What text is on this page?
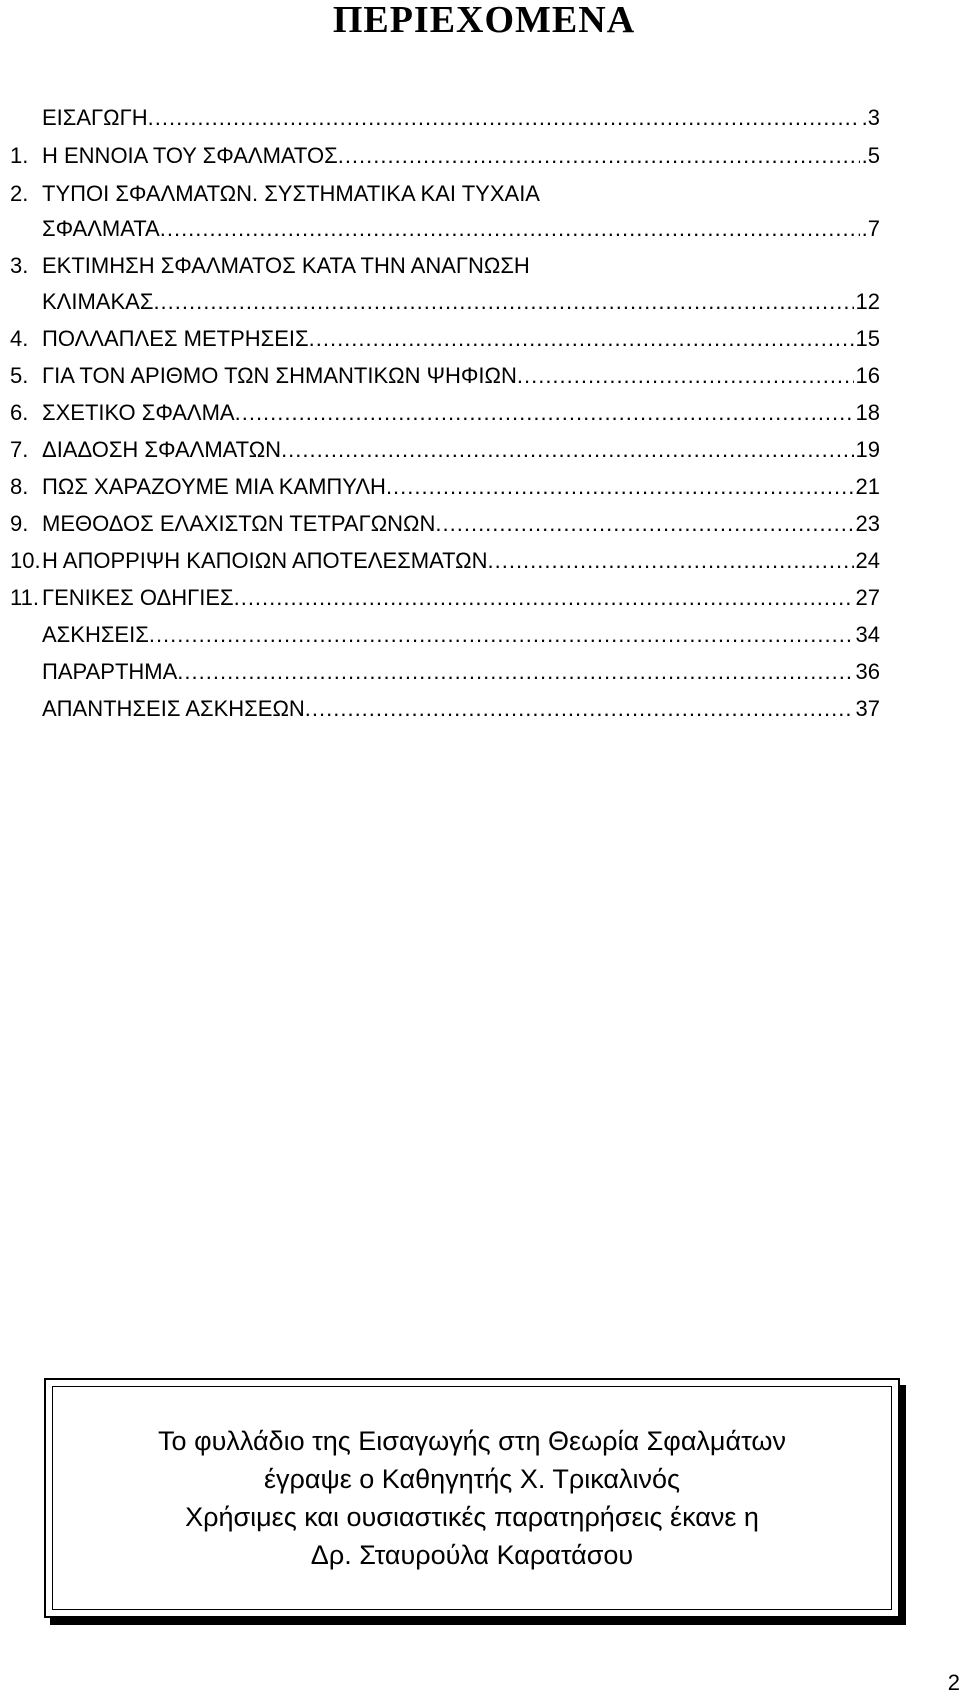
ΠΕΡΙΕΧΟΜΕΝΑ
ΕΙΣΑΓΩΓΗ .....	.3
1. Η ΕΝΝΟΙΑ ΤΟΥ ΣΦΑΛΜΑΤΟΣ .....	.5
2. ΤΥΠΟΙ ΣΦΑΛΜΑΤΩΝ. ΣΥΣΤΗΜΑΤΙΚΑ ΚΑΙ ΤΥΧΑΙΑ
ΣΦΑΛΜΑΤΑ .....	.7
3. ΕΚΤΙΜΗΣΗ ΣΦΑΛΜΑΤΟΣ ΚΑΤΑ ΤΗΝ ΑΝΑΓΝΩΣΗ
ΚΛΙΜΑΚΑΣ .....	12
4. ΠΟΛΛΑΠΛΕΣ ΜΕΤΡΗΣΕΙΣ .....	15
5. ΓΙΑ ΤΟΝ ΑΡΙΘΜΟ ΤΩΝ ΣΗΜΑΝΤΙΚΩΝ ΨΗΦΙΩΝ .....	16
6. ΣΧΕΤΙΚΟ ΣΦΑΛΜΑ .....	18
7. ΔΙΑΔΟΣΗ ΣΦΑΛΜΑΤΩΝ .....	19
8. ΠΩΣ ΧΑΡΑΖΟΥΜΕ ΜΙΑ ΚΑΜΠΥΛΗ .....	21
9. ΜΕΘΟΔΟΣ ΕΛΑΧΙΣΤΩΝ ΤΕΤΡΑΓΩΝΩΝ .....	23
10. Η ΑΠΟΡΡΙΨΗ ΚΑΠΟΙΩΝ ΑΠΟΤΕΛΕΣΜΑΤΩΝ .....	24
11. ΓΕΝΙΚΕΣ ΟΔΗΓΙΕΣ .....	27
ΑΣΚΗΣΕΙΣ .....	34
ΠΑΡΑΡΤΗΜΑ .....	36
ΑΠΑΝΤΗΣΕΙΣ ΑΣΚΗΣΕΩΝ .....	37
Το φυλλάδιο της Εισαγωγής στη Θεωρία Σφαλμάτων
έγραψε ο Καθηγητής Χ. Τρικαλινός
Χρήσιμες και ουσιαστικές παρατηρήσεις έκανε η
Δρ. Σταυρούλα Καρατάσου
2
